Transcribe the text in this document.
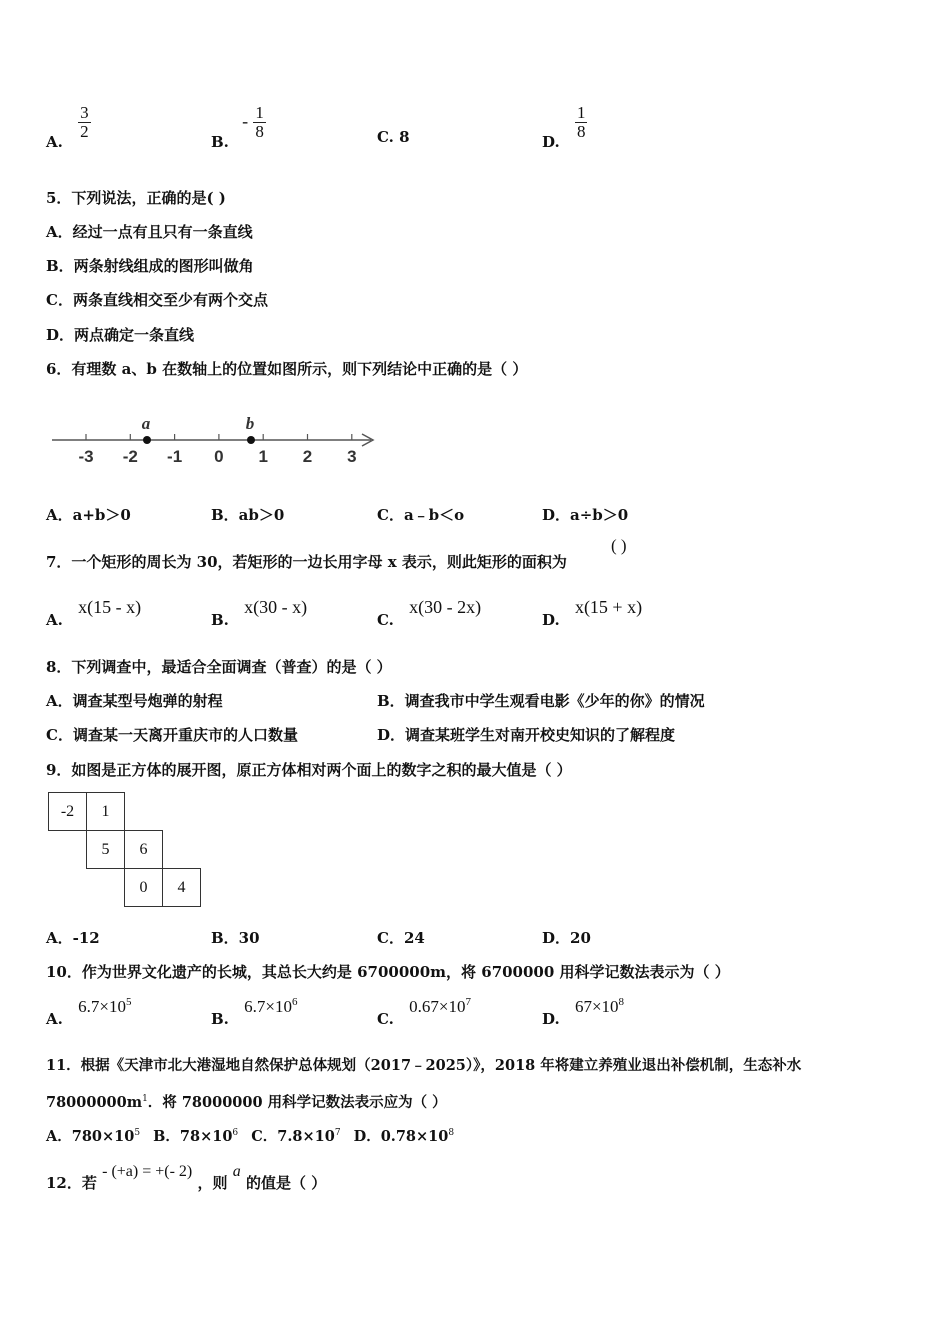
A.
$\frac{3}{2}$
B. - $\frac{1}{8}$	C. 8	D.
$\frac{1}{8}$
5．下列说法，正确的是( )
A．经过一点有且只有一条直线
B．两条射线组成的图形叫做角
C．两条直线相交至少有两个交点
D．两点确定一条直线
6．有理数 a、b 在数轴上的位置如图所示，则下列结论中正确的是（ ）
-3 -2 -1 0 1 2 3
a	b
A．a+b＞0	B．ab＞0	C．a﹣b＜o	D．a÷b＞0
7．一个矩形的周长为 30，若矩形的一边长用字母 x 表示，则此矩形的面积为
( )
A. x(15 - x)
B. x(30 - x)
C. x(30 - 2x)
D. x(15 + x)
8．下列调查中，最适合全面调查（普查）的是（ ）
A．调查某型号炮弹的射程	B．调查我市中学生观看电影《少年的你》的情况
C．调查某一天离开重庆市的人口数量	D．调查某班学生对南开校史知识的了解程度
9．如图是正方体的展开图，原正方体相对两个面上的数字之积的最大值是（ ）
-2	1
5	6
0	4
A．-12	B．30	C．24	D．20
10．作为世界文化遗产的长城，其总长大约是 6700000m，将 6700000 用科学记数法表示为（ ）
A. $6.7\times 10^5$
B. $6.7\times 10^6$
C. $0.67\times 10^7$
D. $67\times 10^8$
11．根据《天津市北大港湿地自然保护总体规划（2017﹣2025）》，2018 年将建立养殖业退出补偿机制，生态补水
$78000000m^1$．将 78000000 用科学记数法表示应为（ ）
A．$780\times 10^5$ B．$78\times 10^6$ C．$7.8\times 10^7$ D．$0.78\times 10^8$
12．若 - (+a) = +(- 2) ，则 a 的值是（ ）
